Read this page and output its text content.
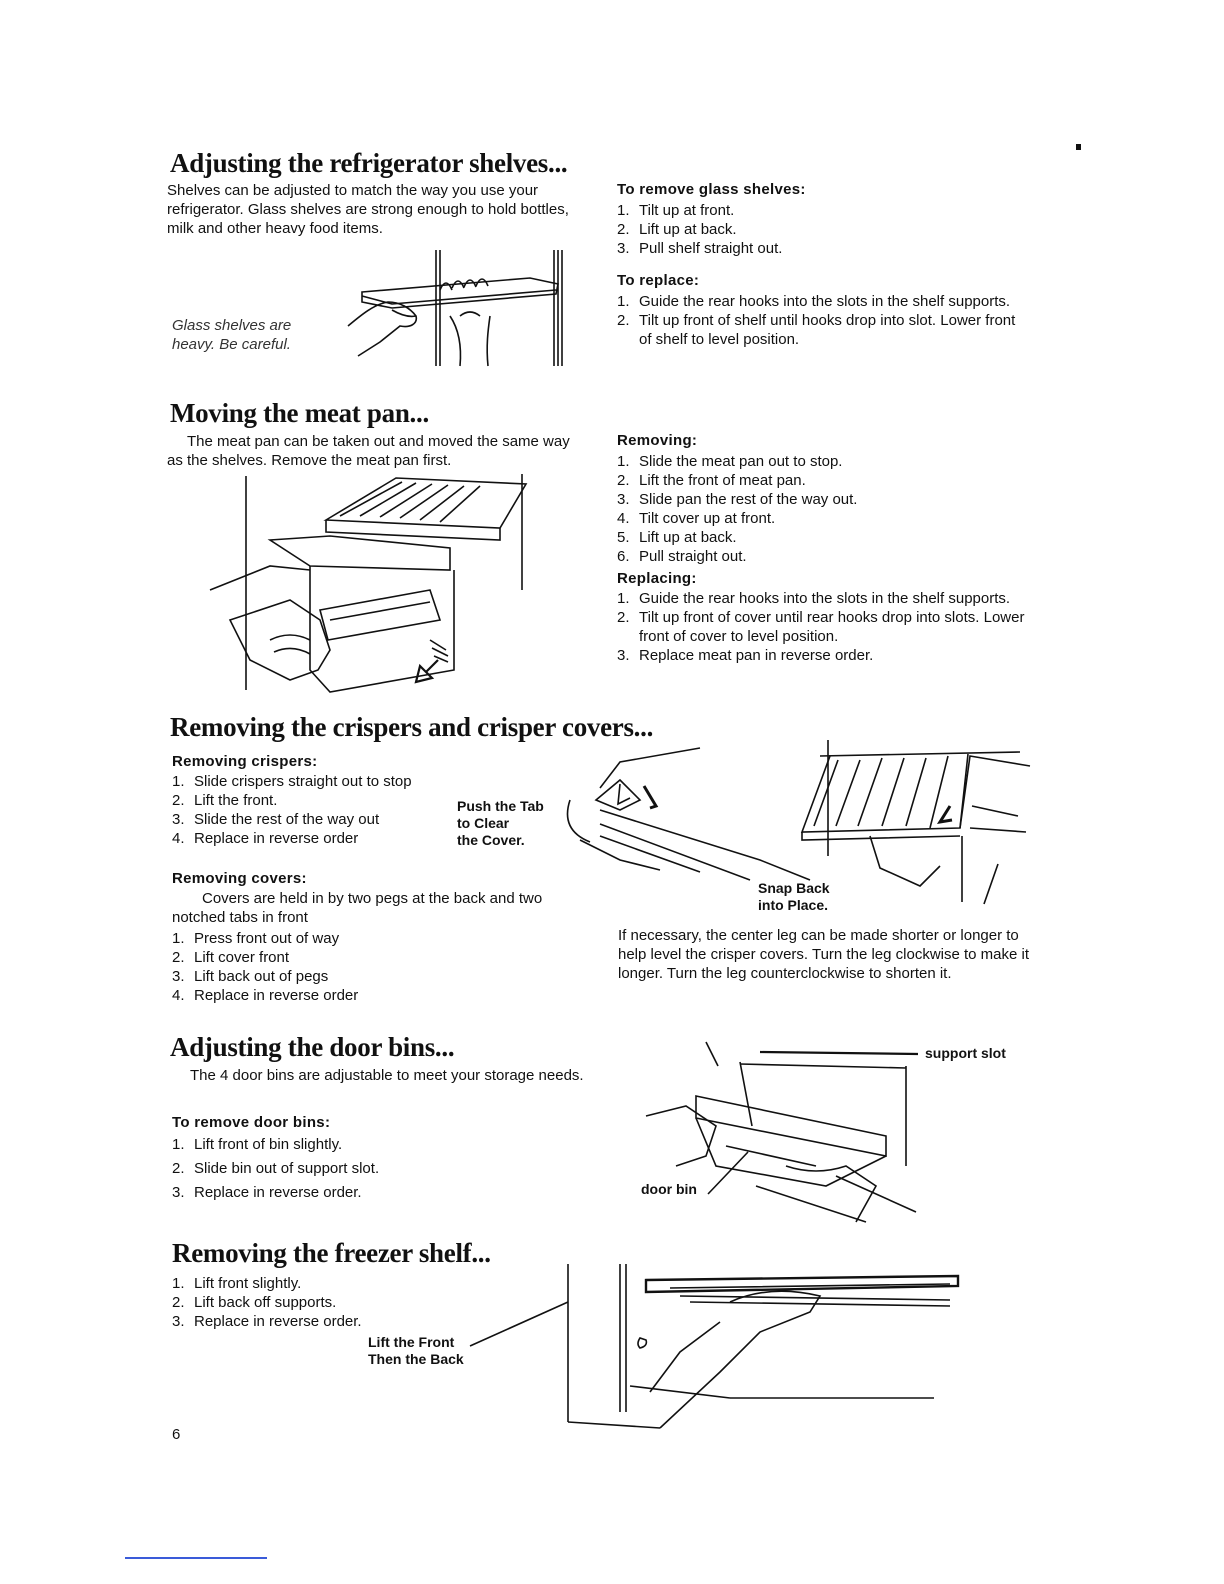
Adjusting the refrigerator shelves...
Shelves can be adjusted to match the way you use your refrigerator. Glass shelves are strong enough to hold bottles, milk and other heavy food items.
Glass shelves are
heavy. Be careful.
To remove glass shelves:
1. Tilt up at front.
2. Lift up at back.
3. Pull shelf straight out.
To replace:
1. Guide the rear hooks into the slots in the shelf supports.
2. Tilt up front of shelf until hooks drop into slot. Lower front of shelf to level position.
Moving the meat pan...
The meat pan can be taken out and moved the same way as the shelves. Remove the meat pan first.
Removing:
1. Slide the meat pan out to stop.
2. Lift the front of meat pan.
3. Slide pan the rest of the way out.
4. Tilt cover up at front.
5. Lift up at back.
6. Pull straight out.
Replacing:
1. Guide the rear hooks into the slots in the shelf supports.
2. Tilt up front of cover until rear hooks drop into slots. Lower front of cover to level position.
3. Replace meat pan in reverse order.
Removing the crispers and crisper covers...
Removing crispers:
1. Slide crispers straight out to stop
2. Lift the front.
3. Slide the rest of the way out
4. Replace in reverse order
Push the Tab
to Clear
the Cover.
Snap Back
into Place.
Removing covers:
Covers are held in by two pegs at the back and two notched tabs in front
1. Press front out of way
2. Lift cover front
3. Lift back out of pegs
4. Replace in reverse order
If necessary, the center leg can be made shorter or longer to help level the crisper covers. Turn the leg clockwise to make it longer. Turn the leg counterclockwise to shorten it.
Adjusting the door bins...
The 4 door bins are adjustable to meet your storage needs.
To remove door bins:
1. Lift front of bin slightly.
2. Slide bin out of support slot.
3. Replace in reverse order.
support slot
door bin
Removing the freezer shelf...
1. Lift front slightly.
2. Lift back off supports.
3. Replace in reverse order.
Lift the Front
Then the Back
6
